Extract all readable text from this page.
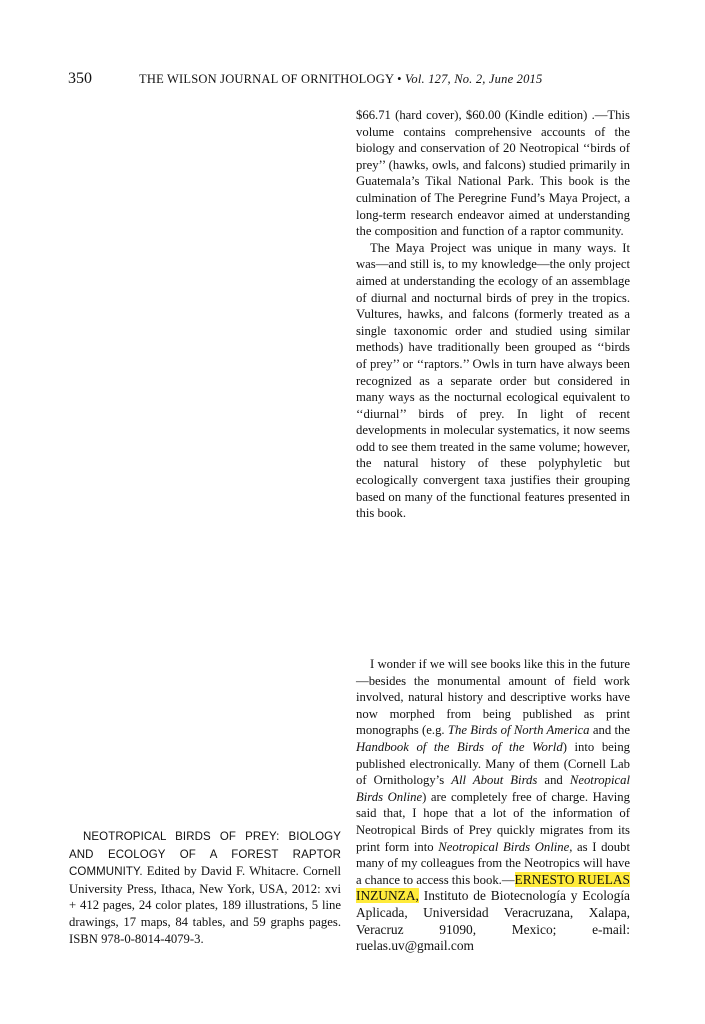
350	THE WILSON JOURNAL OF ORNITHOLOGY • Vol. 127, No. 2, June 2015

$66.71 (hard cover), $60.00 (Kindle edition) .—This volume contains comprehensive accounts of the biology and conservation of 20 Neotropical ‘‘birds of prey’’ (hawks, owls, and falcons) studied primarily in Guatemala’s Tikal National Park. This book is the culmination of The Peregrine Fund’s Maya Project, a long-term research endeavor aimed at understanding the composition and function of a raptor community.

The Maya Project was unique in many ways. It was—and still is, to my knowledge—the only project aimed at understanding the ecology of an assemblage of diurnal and nocturnal birds of prey in the tropics. Vultures, hawks, and falcons (formerly treated as a single taxonomic order and studied using similar methods) have traditionally been grouped as ‘‘birds of prey’’ or ‘‘raptors.’’ Owls in turn have always been recognized as a separate order but considered in many ways as the nocturnal ecological equivalent to ‘‘diurnal’’ birds of prey. In light of recent developments in molecular systematics, it now seems odd to see them treated in the same volume; however, the natural history of these polyphyletic but ecologically convergent taxa justifies their grouping based on many of the functional features presented in this book.

I wonder if we will see books like this in the future—besides the monumental amount of field work involved, natural history and descriptive works have now morphed from being published as print monographs (e.g. The Birds of North America and the Handbook of the Birds of the World) into being published electronically. Many of them (Cornell Lab of Ornithology’s All About Birds and Neotropical Birds Online) are completely free of charge. Having said that, I hope that a lot of the information of Neotropical Birds of Prey quickly migrates from its print form into Neotropical Birds Online, as I doubt many of my colleagues from the Neotropics will have a chance to access this book.—ERNESTO RUELAS INZUNZA, Instituto de Biotecnología y Ecología Aplicada, Universidad Veracruzana, Xalapa, Veracruz 91090, Mexico; e-mail: ruelas.uv@gmail.com

NEOTROPICAL BIRDS OF PREY: BIOLOGY AND ECOLOGY OF A FOREST RAPTOR COMMUNITY. Edited by David F. Whitacre. Cornell University Press, Ithaca, New York, USA, 2012: xvi + 412 pages, 24 color plates, 189 illustrations, 5 line drawings, 17 maps, 84 tables, and 59 graphs pages. ISBN 978-0-8014-4079-3.
